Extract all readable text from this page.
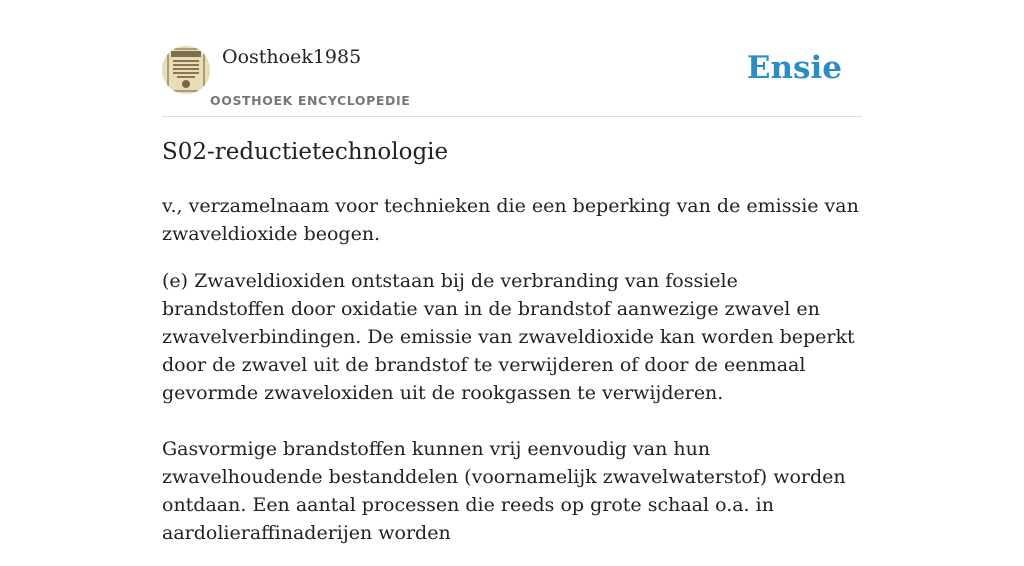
Oosthoek1985
OOSTHOEK ENCYCLOPEDIE
Ensie
S02-reductietechnologie

v., verzamelnaam voor technieken die een beperking van de emissie van zwaveldioxide beogen.

(e) Zwaveldioxiden ontstaan bij de verbranding van fossiele brandstoffen door oxidatie van in de brandstof aanwezige zwavel en zwavelverbindingen. De emissie van zwaveldioxide kan worden beperkt door de zwavel uit de brandstof te verwijderen of door de eenmaal gevormde zwaveloxiden uit de rookgassen te verwijderen.

Gasvormige brandstoffen kunnen vrij eenvoudig van hun zwavelhoudende bestanddelen (voornamelijk zwavelwaterstof) worden ontdaan. Een aantal processen die reeds op grote schaal o.a. in aardolieraffinaderijen worden
